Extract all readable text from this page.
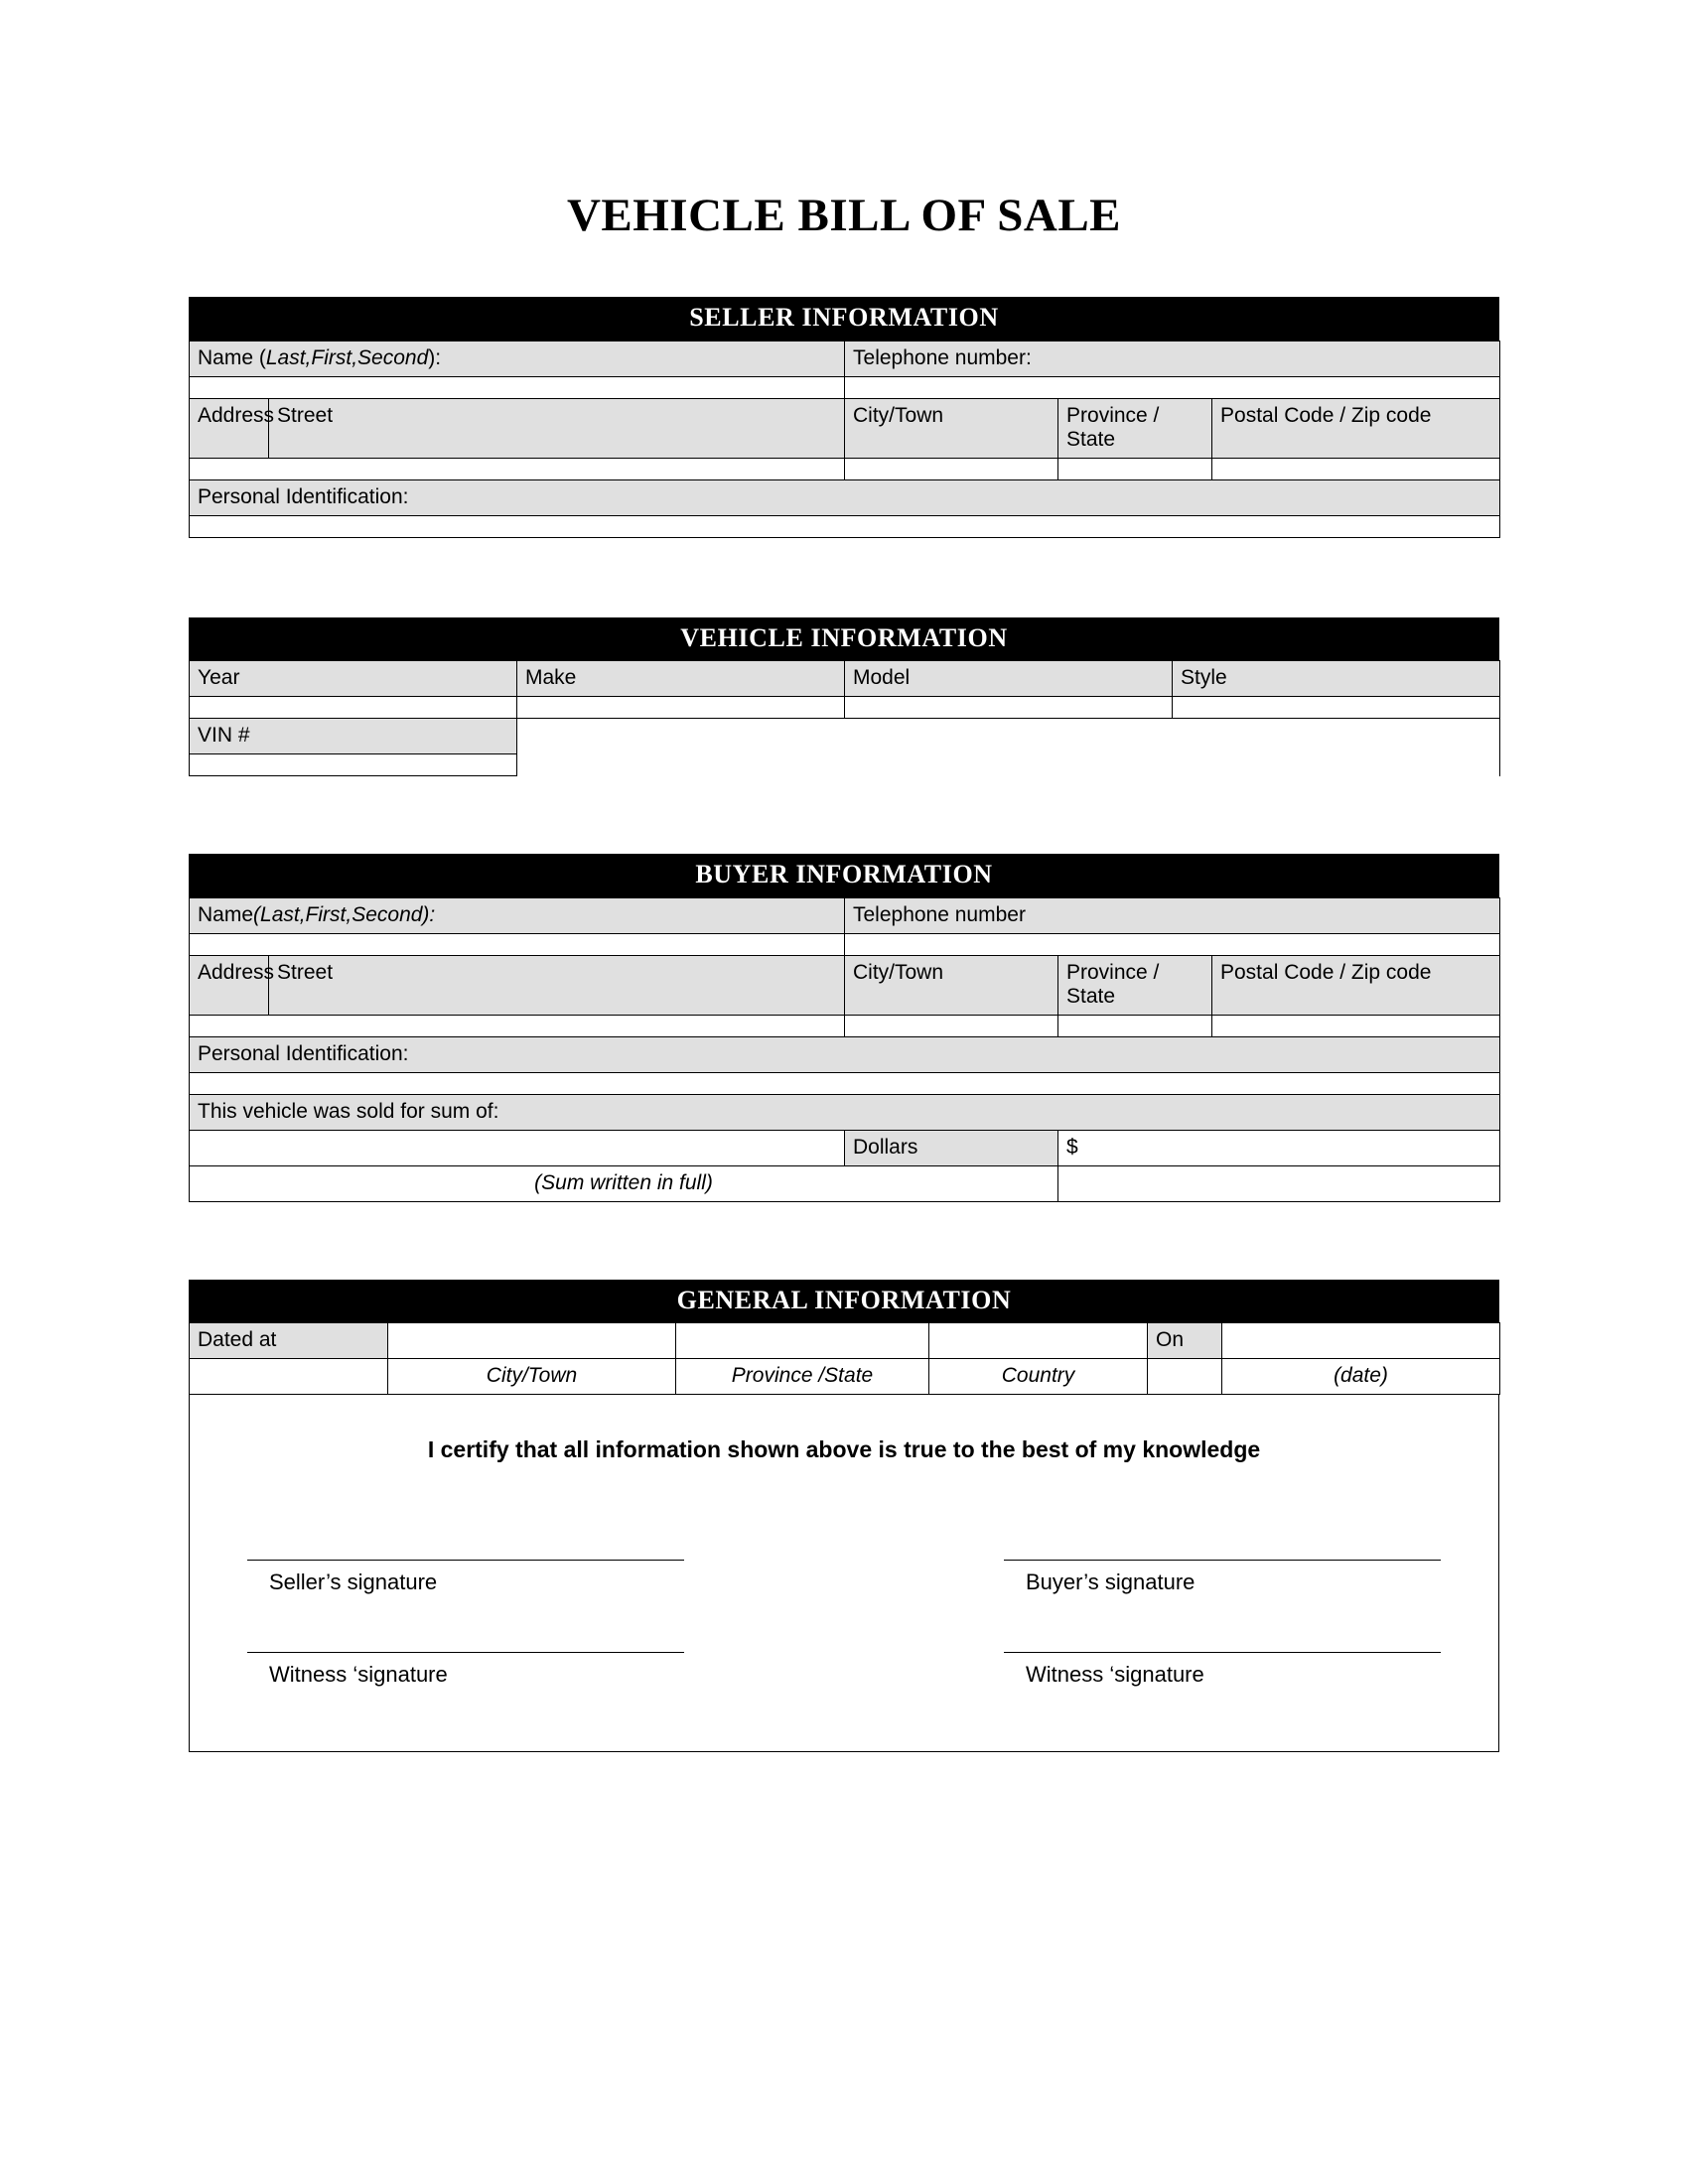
VEHICLE BILL OF SALE
SELLER INFORMATION
Name (Last,First,Second):		Telephone number:		

Address	Street	City/Town	Province / State	Postal Code / Zip code

Personal Identification:				

VEHICLE INFORMATION
Year	Make	Model	Style

VIN #			

BUYER INFORMATION
Name(Last,First,Second):		Telephone number		

Address	Street	City/Town	Province / State	Postal Code / Zip code

Personal Identification:				

This vehicle was sold for sum of:				
		Dollars	$	
(Sum written in full)				
GENERAL INFORMATION
Dated at				On	
	City/Town	Province /State	Country		(date)
I certify that all information shown above is true to the best of my knowledge
Seller’s signature	Buyer’s signature
Witness ‘signature	Witness ‘signature
